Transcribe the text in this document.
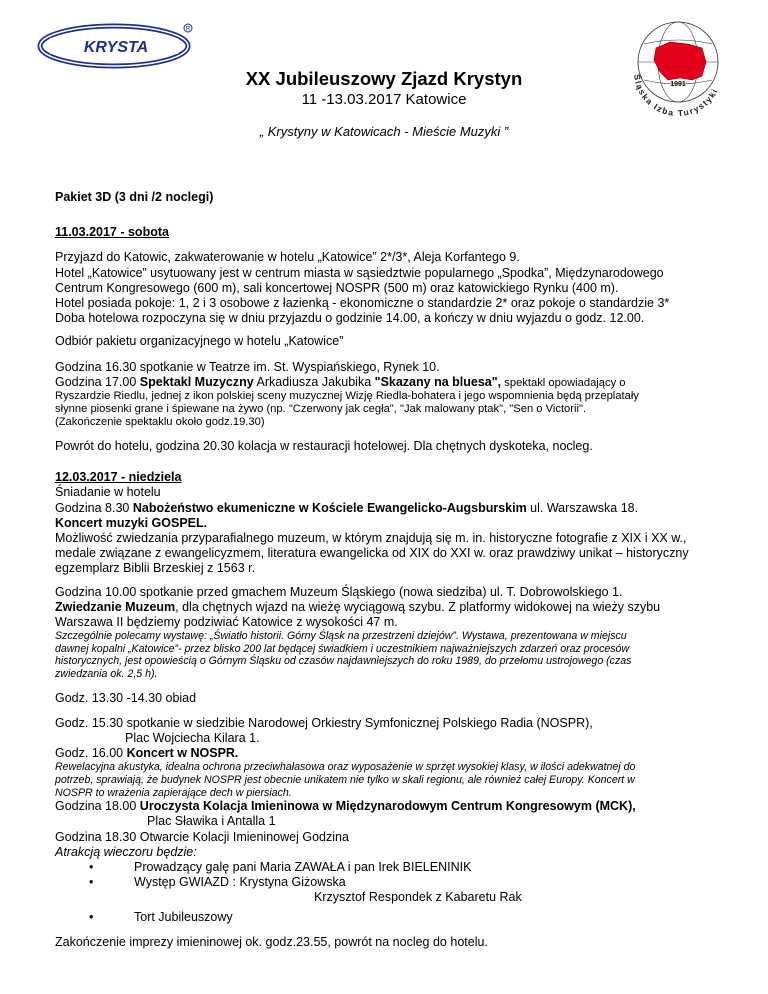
KRYSTA
R
1991
Śląska Izba Turystyki
XX Jubileuszowy Zjazd Krystyn
11 -13.03.2017 Katowice
„ Krystyny w Katowicach - Mieście Muzyki ”

Pakiet 3D (3 dni /2 noclegi)

11.03.2017 - sobota

Przyjazd do Katowic, zakwaterowanie w hotelu „Katowice” 2*/3*, Aleja Korfantego 9.

Hotel „Katowice” usytuowany jest w centrum miasta w sąsiedztwie popularnego „Spodka”, Międzynarodowego

Centrum Kongresowego (600 m), sali koncertowej NOSPR (500 m) oraz katowickiego Rynku (400 m).

Hotel posiada pokoje: 1, 2 i 3 osobowe z łazienką - ekonomiczne o standardzie 2* oraz pokoje o standardzie 3*

Doba hotelowa rozpoczyna się w dniu przyjazdu o godzinie 14.00, a kończy w dniu wyjazdu o godz. 12.00.

Odbiór pakietu organizacyjnego w hotelu „Katowice”

Godzina 16.30 spotkanie w Teatrze im. St. Wyspiańskiego, Rynek 10.

Godzina 17.00 Spektakl Muzyczny Arkadiusza Jakubika "Skazany na bluesa", spektakl opowiadający o

Ryszardzie Riedlu, jednej z ikon polskiej sceny muzycznej Wizję Riedla-bohatera i jego wspomnienia będą przeplatały

słynne piosenki grane i śpiewane na żywo (np. "Czerwony jak cegła", "Jak malowany ptak", "Sen o Victorii".

(Zakończenie spektaklu około godz.19.30)

Powrót do hotelu, godzina 20.30 kolacja w restauracji hotelowej. Dla chętnych dyskoteka, nocleg.

12.03.2017 - niedziela

Śniadanie w hotelu

Godzina 8.30 Nabożeństwo ekumeniczne w Kościele Ewangelicko-Augsburskim ul. Warszawska 18.

Koncert muzyki GOSPEL.

Możliwość zwiedzania przyparafialnego muzeum, w którym znajdują się m. in. historyczne fotografie z XIX i XX w.,

medale związane z ewangelicyzmem, literatura ewangelicka od XIX do XXI w. oraz prawdziwy unikat – historyczny

egzemplarz Biblii Brzeskiej z 1563 r.

Godzina 10.00 spotkanie przed gmachem Muzeum Śląskiego (nowa siedziba) ul. T. Dobrowolskiego 1.

Zwiedzanie Muzeum, dla chętnych wjazd na wieżę wyciągową szybu. Z platformy widokowej na wieży szybu

Warszawa II będziemy podziwiać Katowice z wysokości 47 m.

Szczególnie polecamy wystawę: „Światło historii. Górny Śląsk na przestrzeni dziejów”. Wystawa, prezentowana w miejscu

dawnej kopalni „Katowice”- przez blisko 200 lat będącej świadkiem i uczestnikiem najważniejszych zdarzeń oraz procesów

historycznych, jest opowieścią o Górnym Śląsku od czasów najdawniejszych do roku 1989, do przełomu ustrojowego (czas

zwiedzania ok. 2,5 h).

Godz. 13.30 -14.30 obiad

Godz. 15.30 spotkanie w siedzibie Narodowej Orkiestry Symfonicznej Polskiego Radia (NOSPR),

Plac Wojciecha Kilara 1.

Godz. 16.00 Koncert w NOSPR.

Rewelacyjna akustyka, idealna ochrona przeciwhałasowa oraz wyposażenie w sprzęt wysokiej klasy, w ilości adekwatnej do

potrzeb, sprawiają, że budynek NOSPR jest obecnie unikatem nie tylko w skali regionu, ale również całej Europy. Koncert w

NOSPR to wrażenia zapierające dech w piersiach.

Godzina 18.00 Uroczysta Kolacja Imieninowa w Międzynarodowym Centrum Kongresowym (MCK),

Plac Sławika i Antalla 1

Godzina 18.30 Otwarcie Kolacji Imieninowej Godzina

Atrakcją wieczoru będzie:

•	Prowadzący galę pani Maria ZAWAŁA i pan Irek BIELENINIK
•	Występ GWIAZD : Krystyna Giżowska
Krzysztof Respondek z Kabaretu Rak
•	Tort Jubileuszowy

Zakończenie imprezy imieninowej ok. godz.23.55, powrót na nocleg do hotelu.
